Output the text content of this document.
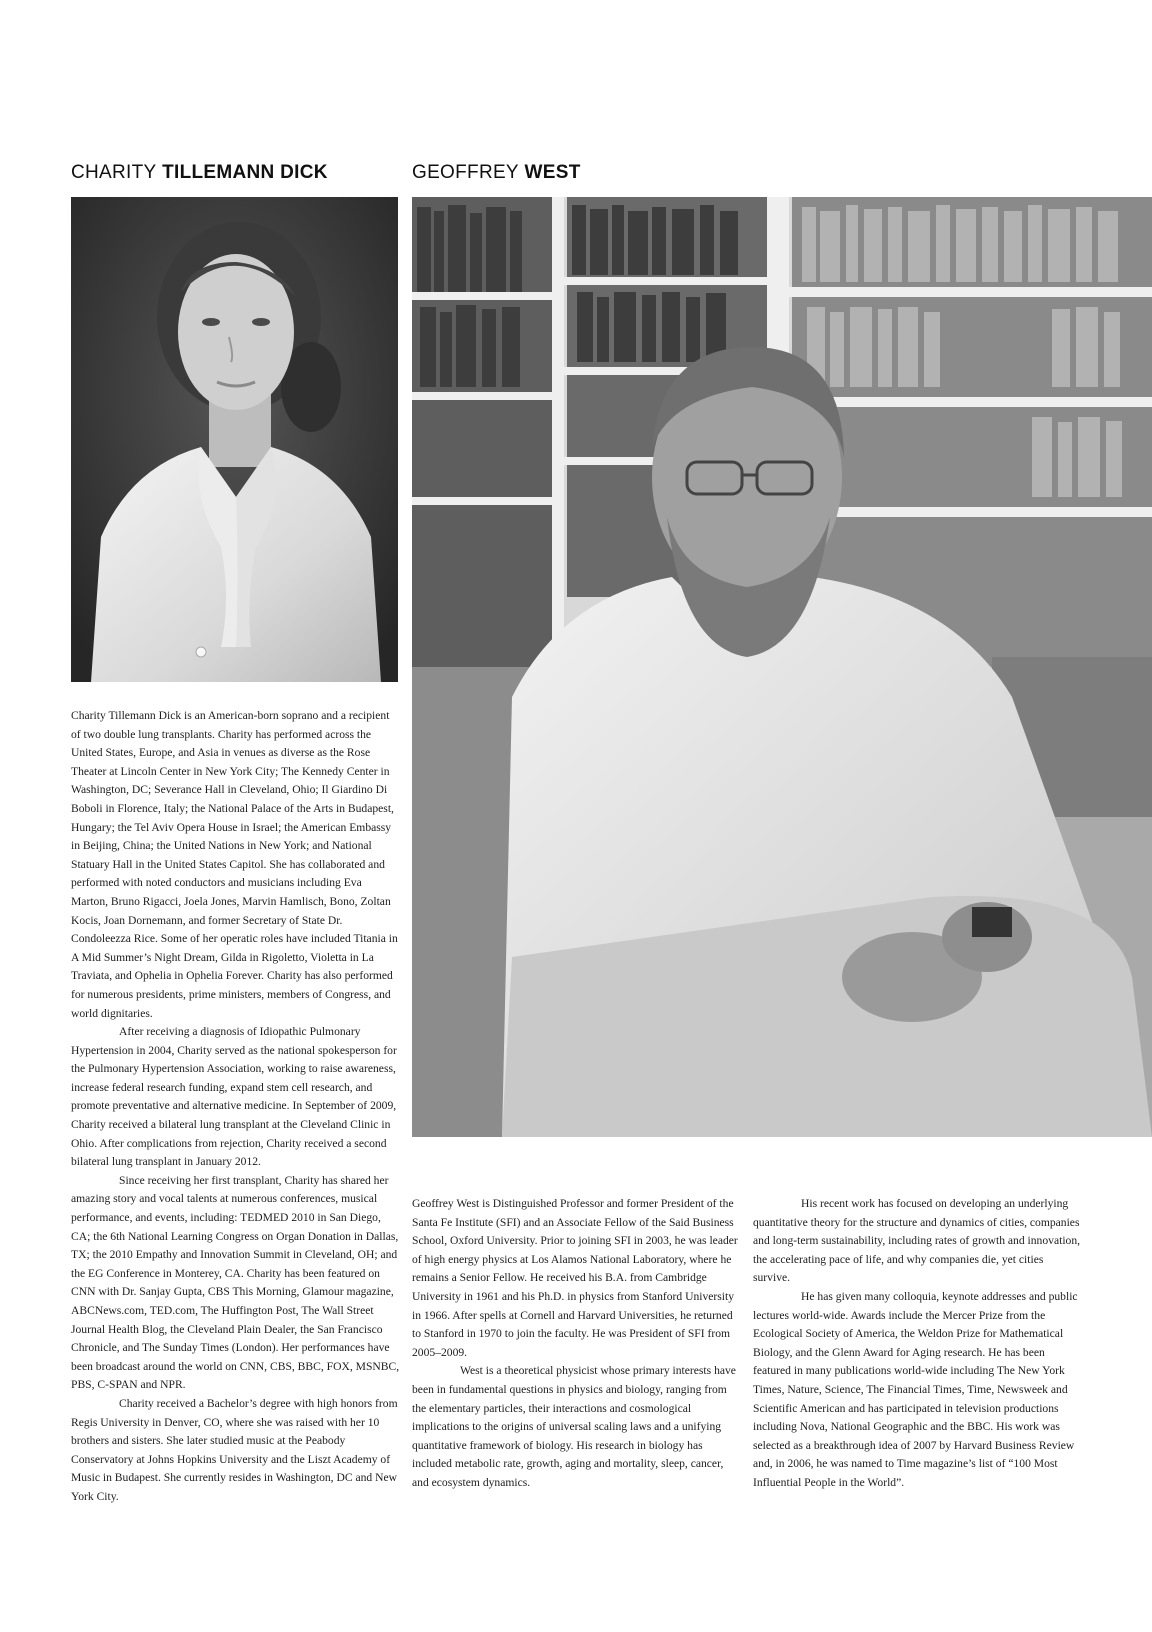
CHARITY TILLEMANN DICK	GEOFFREY WEST

Charity Tillemann Dick is an American-born soprano and a recipient of two double lung transplants. Charity has performed across the United States, Europe, and Asia in venues as diverse as the Rose Theater at Lincoln Center in New York City; The Kennedy Center in Washington, DC; Severance Hall in Cleveland, Ohio; Il Giardino Di Boboli in Florence, Italy; the National Palace of the Arts in Budapest, Hungary; the Tel Aviv Opera House in Israel; the American Embassy in Beijing, China; the United Nations in New York; and National Statuary Hall in the United States Capitol. She has collaborated and performed with noted conductors and musicians including Eva Marton, Bruno Rigacci, Joela Jones, Marvin Hamlisch, Bono, Zoltan Kocis, Joan Dornemann, and former Secretary of State Dr. Condoleezza Rice. Some of her operatic roles have included Titania in A Mid Summer’s Night Dream, Gilda in Rigoletto, Violetta in La Traviata, and Ophelia in Ophelia Forever. Charity has also performed for numerous presidents, prime ministers, members of Congress, and world dignitaries.

After receiving a diagnosis of Idiopathic Pulmonary Hypertension in 2004, Charity served as the national spokesperson for the Pulmonary Hypertension Association, working to raise awareness, increase federal research funding, expand stem cell research, and promote preventative and alternative medicine. In September of 2009, Charity received a bilateral lung transplant at the Cleveland Clinic in Ohio. After complications from rejection, Charity received a second bilateral lung transplant in January 2012.

Since receiving her first transplant, Charity has shared her amazing story and vocal talents at numerous conferences, musical performance, and events, including: TEDMED 2010 in San Diego, CA; the 6th National Learning Congress on Organ Donation in Dallas, TX; the 2010 Empathy and Innovation Summit in Cleveland, OH; and the EG Conference in Monterey, CA. Charity has been featured on CNN with Dr. Sanjay Gupta, CBS This Morning, Glamour magazine, ABCNews.com, TED.com, The Huffington Post, The Wall Street Journal Health Blog, the Cleveland Plain Dealer, the San Francisco Chronicle, and The Sunday Times (London). Her performances have been broadcast around the world on CNN, CBS, BBC, FOX, MSNBC, PBS, C-SPAN and NPR.

Charity received a Bachelor’s degree with high honors from Regis University in Denver, CO, where she was raised with her 10 brothers and sisters. She later studied music at the Peabody Conservatory at Johns Hopkins University and the Liszt Academy of Music in Budapest. She currently resides in Washington, DC and New York City.

Geoffrey West is Distinguished Professor and former President of the Santa Fe Institute (SFI) and an Associate Fellow of the Said Business School, Oxford University. Prior to joining SFI in 2003, he was leader of high energy physics at Los Alamos National Laboratory, where he remains a Senior Fellow. He received his B.A. from Cambridge University in 1961 and his Ph.D. in physics from Stanford University in 1966. After spells at Cornell and Harvard Universities, he returned to Stanford in 1970 to join the faculty. He was President of SFI from 2005–2009.

West is a theoretical physicist whose primary interests have been in fundamental questions in physics and biology, ranging from the elementary particles, their interactions and cosmological implications to the origins of universal scaling laws and a unifying quantitative framework of biology. His research in biology has included metabolic rate, growth, aging and mortality, sleep, cancer, and ecosystem dynamics.

His recent work has focused on developing an underlying quantitative theory for the structure and dynamics of cities, companies and long-term sustainability, including rates of growth and innovation, the accelerating pace of life, and why companies die, yet cities survive.

He has given many colloquia, keynote addresses and public lectures world-wide. Awards include the Mercer Prize from the Ecological Society of America, the Weldon Prize for Mathematical Biology, and the Glenn Award for Aging research. He has been featured in many publications world-wide including The New York Times, Nature, Science, The Financial Times, Time, Newsweek and Scientific American and has participated in television productions including Nova, National Geographic and the BBC. His work was selected as a breakthrough idea of 2007 by Harvard Business Review and, in 2006, he was named to Time magazine’s list of “100 Most Influential People in the World”.
